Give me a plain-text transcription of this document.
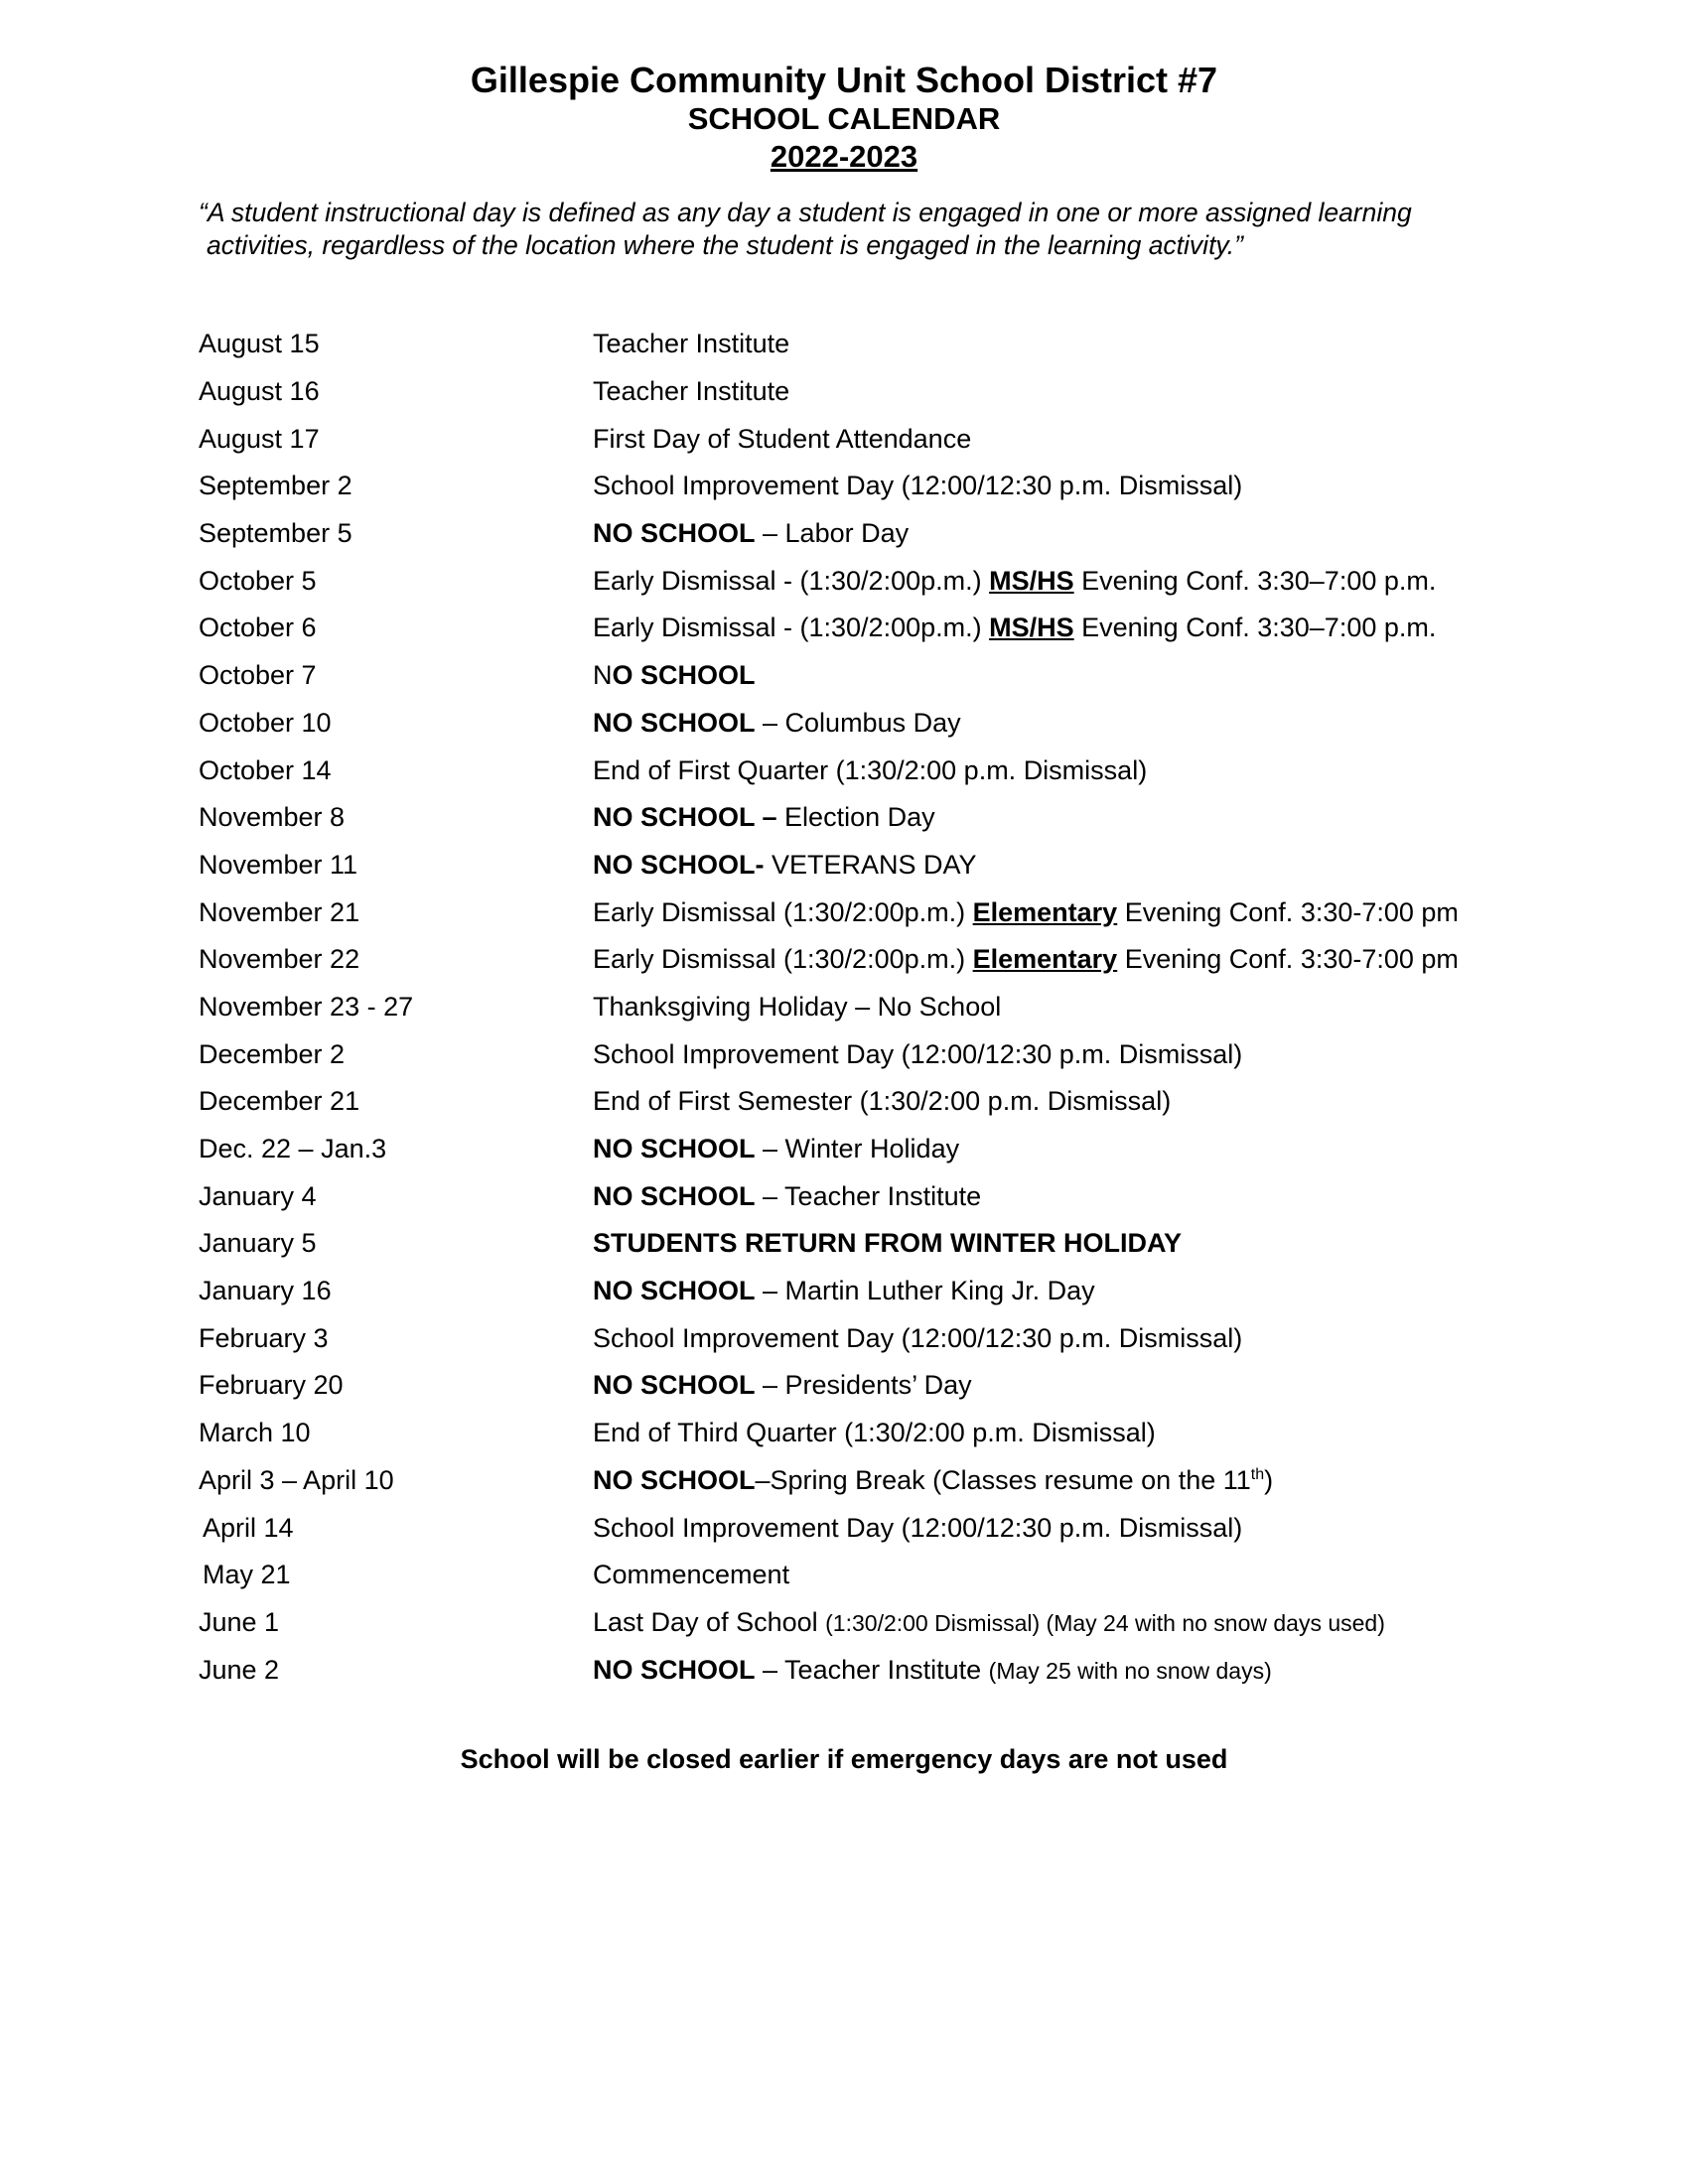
Gillespie Community Unit School District #7
SCHOOL CALENDAR
2022-2023
“A student instructional day is defined as any day a student is engaged in one or more assigned learning
activities, regardless of the location where the student is engaged in the learning activity.”
August 15	Teacher Institute
August 16	Teacher Institute
August 17	First Day of Student Attendance
September 2	School Improvement Day (12:00/12:30 p.m. Dismissal)
September 5	NO SCHOOL – Labor Day
October 5	Early Dismissal - (1:30/2:00p.m.) MS/HS Evening Conf. 3:30–7:00 p.m.
October 6	Early Dismissal - (1:30/2:00p.m.) MS/HS Evening Conf. 3:30–7:00 p.m.
October 7	NO SCHOOL
October 10	NO SCHOOL – Columbus Day
October 14	End of First Quarter (1:30/2:00 p.m. Dismissal)
November 8	NO SCHOOL – Election Day
November 11	NO SCHOOL- VETERANS DAY
November 21	Early Dismissal (1:30/2:00p.m.) Elementary Evening Conf. 3:30-7:00 pm
November 22	Early Dismissal (1:30/2:00p.m.) Elementary Evening Conf. 3:30-7:00 pm
November 23 - 27	Thanksgiving Holiday – No School
December 2	School Improvement Day (12:00/12:30 p.m. Dismissal)
December 21	End of First Semester (1:30/2:00 p.m. Dismissal)
Dec. 22 – Jan.3	NO SCHOOL – Winter Holiday
January 4	NO SCHOOL – Teacher Institute
January 5	STUDENTS RETURN FROM WINTER HOLIDAY
January 16	NO SCHOOL – Martin Luther King Jr. Day
February 3	School Improvement Day (12:00/12:30 p.m. Dismissal)
February 20	NO SCHOOL – Presidents’ Day
March 10	End of Third Quarter (1:30/2:00 p.m. Dismissal)
April 3 – April 10	NO SCHOOL–Spring Break (Classes resume on the 11th)
April 14	School Improvement Day (12:00/12:30 p.m. Dismissal)
May 21	Commencement
June 1	Last Day of School (1:30/2:00 Dismissal) (May 24 with no snow days used)
June 2	NO SCHOOL – Teacher Institute (May 25 with no snow days)
School will be closed earlier if emergency days are not used
